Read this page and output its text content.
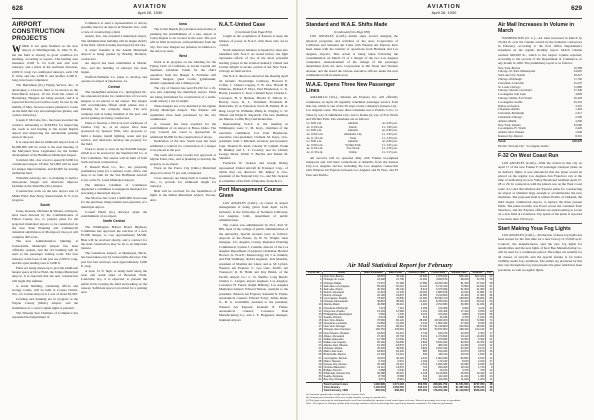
628	AVIATION
April 26, 1930
AIRPORT CONSTRUCTION PROJECTS

WORK is not quite finished on the new airport at Whittingsville, in John N. B., but the field is already in good condition for landings, according to reports. The landing area measures 4,500 ft. for both east and west runways, and a third, in the northeast direction, 2,000 ft. long; two additional runways, each 150 ft. wide, and one, 1,000 ft. and another, 2,200 ft. long, have been completed.

The Harrisburg (Pa.) Flying Service, Inc., is developing a 124-acre field to be known as the Penn-Harris Airport, 10 mi. from the center of Harrisburg. Hangars are being erected, and it is expected that the port will be ready for use by the middle of May. Several owners planned to locate on the field this way and entangle her gliders, and a photo laboratory.

Joseph P. McCabe, Inc., has been awarded the contract, amounting to $108,834, for improving the roads at and leading to the Grand Rapids airport and improving the automobile parking areas at the port.

It is expected that an additional airport loan of $2,000,000 will be voted at the next meeting of the Maryland State Legislature for the further development of the Baltimore Municipal Airport.

Carlsbad, Md., has voted to spend $15,000 for a municipal airport. Of this, $15,000 will be used for hangar improvements, and $2,000 for leasing additional land.

Titusville Airways, Inc., is planning to build a three-plane hangar and otherwise improve facilities at the Titusville (Pa.) Airport.

Construction work on the new airport east of Miller Field, New Dorp, Staten Island, N. Y., is in progress.

South

Jones, Roessle, Olschner & Wiener, architects, have been directed by the Commissioners of Fulton County, Ga., to prepare plans for the projected municipal airport, to be constructed on the new State Planning and Commercial industrial subdivision of Morrisport; the port will comprise 300 acres.

The new Administration building at Jacksonville Municipal Airport has been officially opened, and the old building will be used as the passenger waiting room. The four runways at the base of the port are 2,500 ft. long, and the open landing area is 3,000 ft.

Plans are being drawn up to provide additional hangar space at Dove Field, the Tampa Municipal Airport. It is expected that the new construction will begin this summer.

A storm building, containing offices and storage rooms, will be built at Corpus Christi, Tex., for Curtiss Airport at a cost of about $3,500.

Leveling and draining are in progress at the Wayne County (Mich.) Airport, and the installation of a correct signal lights is planned.

The Wheeler Sun Chamber of Commerce has requested the Department of

Commerce to send a representative to survey possible sites for an airport in Wheeler, Tex., with a view of constructing a field.

Austin, Tex., has acquired a municipal airport. The administration building will be begun shortly at the field, which is being developed by the city.

A water fountain at the Austin Municipal Airport is being graded by Bradley Brothers, contractors.

An airport has been established at Martin, Tex., and the building of runways has been begun.

Wofford-Williams Co. plans to develop and operate an airport at Opelousas, La.

Central

The Springfield Aviation Co., Springfield, Ill., has announced plans for construction of two new hangars to be placed at the airport. The hangar will accommodate fifteen small planes and a building for the company shops. The new company unit is being installed at the port, and paved parking are being constructed.

Plans to develop a 100-acre tract northwest of Charles City, Ia., as an airport have been sponsored by Spencer Ellis, who proposes to build a hangar, install lighting, water and gas service, and otherwise develop the property for the field.

Work is about to start on the $10,000 hangar, which is to be erected by the Standard Oil Co. at Port Columbus. The station will be built of both brick and steel construction.

F. Russell Beck Co., Inc., are preparing preliminary plans for a sanitary room, office, and shop to be built for the Van Hoffmann Aircraft Corp. at the St. Louis Municipal Airport.

The Alliance Chamber of Commerce appointed a committee to inaugurate measures for procuring a municipal airport.

The Morrow has voted a $200,000 bond issue for the purchase, improvement and operation of a municipal airport.

Cornell Hudlt (Ia.) Airways plans the establishment of an airport.

North Central

The Wilmington Harbor Board Highway Committee has approved the erection of a new $7,000 hangar, to cost approximately $8,500. Bids will be received shortly, and a contract for the steel construction may be let to an important interest.

The Lakeshore Airport, at Muskegon, Mich., has been taken over by Jacksonville Airways. The port has four runways, each approximately 3,000 ft. long.

A loan, 31 ft. high, is being built along the west and south sides of Bowman Field, Louisville, Ky., it is expected, to prevent the public from crossing the field and parking on the runway. Sufficient space is provided for a parking area.

Iowa

The Cedar Rapids (Ia.) Aviation Association is planning the establishment of a new airport at Cedar Rapids to be located in the west. The port will be built in sections, with permission from the city. Two new hangars are planned, in addition to the one now used.

West

Work is in progress on the building for the Flying Club of California at Grand Central Air Terminal, Glendale. Funds for the club's operation from the Hangar 6. Facilities will include hangars, guest rooms, gymnasium, athletic equipment and a dining room.

The city of Denver has paid $5,250 for a 10-acre plot adjoining the municipal airport. Plans are being formulated for construction of a north-south runway 1 mi. in length.

Three hangars are to be installed at the Ogden (Utah) Municipal Airport. The fixtures and equipment have been purchased by the city commission.

A. Grosser has been acquired for the establishment of an airport at Boise, Idaho. The City Council has voted to appropriate an additional $5,000 for the construction of shops.

Dedication of the new South Gate has been submitted a contract for construction of a hangar to be placed at the port.

The Gem and Carey County has approved at Myrtle Point, Ore., and is planning to develop the property as an airport.

Work on the Ponca City (Okla.) Municipal Airport is about 75 per cent completed.

Cross runways are being built at Grants Pass, Ore., to provide for additional length for runways.

Bids will be received for the installation of lights at the Dallas Municipal Airport, Tucson, Ariz.

N.A.T.-United Case

(Continued from Page 830)

sought in the acquisition of Eastern to keep the balance of power in N.A.T. with those who are in control.

North American Aviation is headed by men also identified with N.A.T. As stated before, the fight represents efforts of two of the most powerful holding groups in the aviation industry: United and Curtiss-Wright to secure control of the New York–Chicago air mail service.

The N.A.T. directors elected at the meeting April 24 include: Trowbridge Callaway, Howard E. Coffin, J. Chester Cuppia, F. B. Doe, Harold H. Emmons, Richard F. Hoyt, Paul Henderson, C. K. Hardy, Laurence C. Kerr, Clement Keys, Charles L. Lawrance, B. V. Hudson, Harold E. Talbott, Jr., Harvey Luce, D. L. Trumbull, Frederick B. Rentschler, W. A. Patterson, Jacob H. Tinkler, H. A. Ring, Lloyd W. Williams, Philip K. Wrigley, C. W. Talbott and Eddie R. Reynolds. The new members are Messrs. Coffin, Hoyt and Rentschler.

Representing N.A.T. at the meeting in Wilmington were: C. M. Keys, chairman of the executive committee; Col. Paul Henderson, executive vice-president; Clement M. Keys, vice-president; John J. Mitchell, secretary and treasurer; Capt. Thomas H. Read, Chester W. Cuthell, Frank H. Bulkley and L. T. Crowley; and for United; George Mead, Walter T. Bayliss and Daniel M. Sheaffer.

Frederick W. Jackson and Joseph Ridley represented United Aircraft & Transport Corp., of which they are directors. Mr. Ripley is vice-president of the National City Co., and Mr. Jackson is a member of the firm of Hayden, Stone & Co.

Port Management Course Given

LOS ANGELES (Calif.)—A course in airport management is being given from April 14-19, inclusive, at the University of Southern California, Los Angeles, Calif., department of public administration.

The course was administered by Prof. Earl W. Hill, head of the college of public administration of the university. Special lectures were as follows: Airports of the Future, by H. W. Wright, sales manager, Los Angeles County Regional Planning Commission; Lyman J. Conklin, director of the Los Angeles Department of Airports; Chairman, Herbert Hoover, Jr., W.A.E.; Meteorology, Dr. J. A. Jenkins; and Erik Wahlberg, district engineer; Jack Maddux, president of Maddux Air Lines; and A. M. Lyford, Western Air Express; C. Lee Gale, Pacific Air Transport; R. D. Holm and Ray Bruhn, of the Pacific Airport Co.; C. D. Sheffie, Long Beach; Charles C. Langan, airport engineer, Los Angeles; Lawrence H. Peters; Ralph Halliday, Los Angeles Municipal Airport; Edward Nelson, assistant to the president, Western Air Express; Kenneth N. Fisher, aeronautical counsel; Edward Foley; James Dunn, Jr., B. G. Goldsmith, assistant to the president, Western Air Express; Kenneth N. Fisher, aeronautical counsel; Lawrence Dole Manufacturing Co.; and L. E. Hogguard, manager, Oakland Airport.

629
AVIATION
April 26, 1930
Standard and W.A.E. Shifts Made

(Continued from Page 830)

LOS ANGELES (Calif.)—Initial steps toward merging the physical properties and activities of the Aero Corporation of California and Standard Air Lines with Western Air Express have been taken with the transfer of operations from Burbank and Los Angeles airports. This action is being taken following the consummation on March 15 of a merger of the two Los Angeles companies. Announcement of the change of the passenger department from the Aero Corporation at 9th Street and Western Avenue, and the stated the various executive officers under the new combination will be made soon.

W.A.E. Opens Three New Passenger Lines

AMARILLO (Tex.)—Western Air Express, Inc. will officially commence on April 26 regularly scheduled passenger service from this city, which is one of the 30 stops on the company's Kansas City–Los Angeles route. The new three schedules run to Pueblo, Colo.; to Tulsa by way of Oklahoma City; and to Dallas by way of Fort Worth and Wichita Falls. The schedules are as follows:

Lv. 8:00 a.m.	Amarillo	Ar. 6:00 p.m.
Ar. 11:00 a.m.	Pueblo	Lv. 3:00 p.m.
Lv. 8:00 a.m.	Amarillo	Ar. 6:00 p.m.
Ar. 10:00 a.m.	Oklahoma City	Lv. 3:45 p.m.
Ar. 11:10 a.m.	Tulsa	Lv. 2:30 p.m.
Lv. 8:00 a.m.	Amarillo	Ar. 6:00 p.m.
Ar. 10:00 a.m.	Wichita Falls	Lv. 3:45 p.m.
Ar. 11:00 a.m.	Fort Worth	Lv. 2:50 p.m.
Ar. 11:30 a.m.	Dallas	Lv. 2:15 p.m.

All services will be operated daily with Fokker tri-engined transports and will meet connections at Amarillo from the Kansas City–Los Angeles service, including the Los Angeles connection with Western Air Express between Los Angeles and El Paso, and El Paso and Pueblo.

Air Mail Increases In Volume in March

WASHINGTON (D. C.)—Air mail increased in March by 76,342 lb. over the volume carried by the domestic contractors in February, according to the Post Office Department's statement on the regular monthly report. March volume reached 626,929 lb., which is the largest volume reported, according to the records of the Department of Commerce, in any month in 1929. The preliminary report is as follows:

New York–Boston	10,388
Chicago–St. Paul–Minneapolis	24,905
Salt Lake City–Seattle	28,427
Chicago–Pittsburgh	11,700
Cleveland–Louisville	25,270
St. Louis–Chicago	31,880
Chicago–Detroit–Cleveland	27,346
Los Angeles–Salt Lake	4,826
Chicago–Dallas–Fort Worth	20,426
Los Angeles–Seattle	45,318
Dallas–Galveston	3,310
Cheyenne–Pueblo	1,404
Cleveland–Pittsburgh	2,315
Cincinnati–Chicago	2,500
Atlanta–Miami	4,300
New York–Atlanta	52,060
Los Angeles–Ft. Worth	2,420
Atlanta–New Orleans	1,940
Kansas City–Denver	8,310
Totals	626,929

Feb Mar "Salt Lake City." "Los Angeles–Seattle."

F-32 On West Coast Run

LOS ANGELES (Calif.)—With the arrival in this city on April 17 of the new Fokker F-32 passenger transport plane on its delivery flight, it was announced that the plane would be placed on the regular Los Angeles–San Francisco run at the time of dedicating its new Valley Boulevard terminal April 27, 28 or 29. In connection with the plane's use on the West Coast route, it is said that Western Air Express plans for constructing an airport at Oakland large enough to accommodate the new machines. The proposed field is within 20 min. of Oakland, the third largest commercial airport, to replace the three present fields. The plane recently was flown across the continent from Teterboro, and Air Express officials are endeavouring to locate on a new field at Livermore. Top speed of the plane is reported to be more than 150 m.p.h.

Start Making Youa Fog Lights

LOS ANGELES (Calif.)—Production of these fog lights has been started for the first time for a new factory of 25,000 sq.ft. Contract, the manufacturers, said the new fog lights for automobiles and the new lights of Kerr Bee Manufacturing Co. will be used for a continuous period. The lamps are suitable for all classes of aircraft, and the special feature is for better visibility under fog conditions. The amber ray produced by this lens cuts through the fog and prevents the glare which has been prevalent, as well as regular lights.

Air Mail Statistical Report for February
C.A.M. No.	Route	Miles Scheduled	Miles Flown	Pounds of Mail	Pound Miles	Expend- iture	Revenue	Pct.
1	New York–Boston	33,876	33,140	12,540	2,370,104	$35,441	$22,010	62
2	Chicago–St. Louis	22,248	21,730	11,010	3,090,570	38,200	22,704	59
3	Chicago–Dallas	71,672	70,186	17,580	10,250,430	81,330	47,190	58
4	Salt Lake–Los Angeles	55,440	54,216	12,110	6,714,310	72,500	44,020	61
5	Salt Lake–Pasco	40,152	39,140	8,410	3,370,090	51,000	21,300	42
6	Detroit–Cleveland	11,424	11,100	10,004	1,680,150	12,200	11,890	97
7	Detroit–Chicago	20,160	19,870	12,350	3,210,820	26,400	17,460	66
8	Los Angeles–Seattle	73,920	72,830	41,300	30,560,110	108,000	86,900	80
9	Chicago–Minneapolis	39,816	38,900	21,310	8,780,640	52,200	33,120	63
10	Atlanta–Miami	46,368	45,210	4,020	2,702,830	60,450	11,020	18
11	Cleveland–Pittsburgh	7,224	7,110	2,180	210,050	9,300	4,110	44
12	Cheyenne–Pueblo	13,104	12,980	1,310	315,400	17,410	3,250	19
13	Philadelphia–Washington	7,560	7,330	3,210	370,200	9,800	5,640	58
14	Seattle–Victoria	3,024	2,980	610	40,230	3,700	1,020	28
15	New York–Atlanta	70,560	69,120	38,230	29,640,200	98,310	72,830	74
16	Cleveland–Louisville	21,840	21,430	4,120	1,860,330	27,260	8,230	30
17	New York–Chicago	59,472	58,210	77,430	51,240,800	102,600	98,040	96
18	Chicago–San Francisco	136,752	133,640	31,520	52,870,300	198,400	124,210	63
19	New Orleans–Houston	19,824	19,410	1,740	640,210	26,040	4,320	17
20	Albany–Cleveland	27,216	26,730	5,210	1,470,820	34,110	10,260	30
21	Dallas–Galveston	12,768	12,540	1,510	370,830	16,360	3,400	21
22	Dallas–Los Angeles	66,192	64,830	4,830	5,810,200	84,600	16,700	20
23	Atlanta–New Orleans	19,152	18,870	1,270	480,310	24,330	3,010	12
24	Chicago–Atlanta	40,320	39,600	3,820	2,810,440	52,400	9,120	17
25	Miami–San Juan	18,816	18,420	880	810,200	23,870	3,870	16
26	Brownsville–Mexico	12,432	12,210	530	240,110	16,010	1,810	11
27	Los Angeles–Denver	44,016	43,120	2,410	1,900,430	56,800	6,910	12
28	Miami–Havana	6,720	6,610	1,020	170,240	8,620	2,310	27
29	Kansas City–Denver	20,496	20,110	2,510	1,090,330	26,380	6,040	23
30	Omaha–Watertown	14,112	13,870	720	290,200	18,140	1,710	9
31	Buffalo–Toronto	2,688	2,640	410	20,130	3,370	730	22
32	Pittsburgh–Kansas City	36,288	35,610	4,130	3,140,800	46,520	10,420	22
33	Seattle–Spokane	8,736	8,580	610	110,420	11,200	1,450	13
34	Bay City–Chicago	9,072	8,910	530	110,330	11,640	1,260	11
	Total Contract Lines	1,092,696	1,071,002	356,760	228,831,750	$1,551,650	$737,780	48
	Total January	1,106,304	1,059,230	333,412	214,071,280	$1,487,230	$708,410	48
	Total February, 1929	860,040	838,460	287,350	176,220,430	$1,190,600	$566,230	48

(a) Contractor pounds under weight carried on Contract Lines.

(b) Amounts paid contractors on the new weight formulas, average per pound miles.

(c) This figure represents the total pound-miles on all lines including the amounts of mail carried upon each route. Shown is percentage of revenue to expenditure.

Note—The figures for February include mail of foreign countries carried on all foreign lines operated by domestic contractors. The totals are preliminary.
